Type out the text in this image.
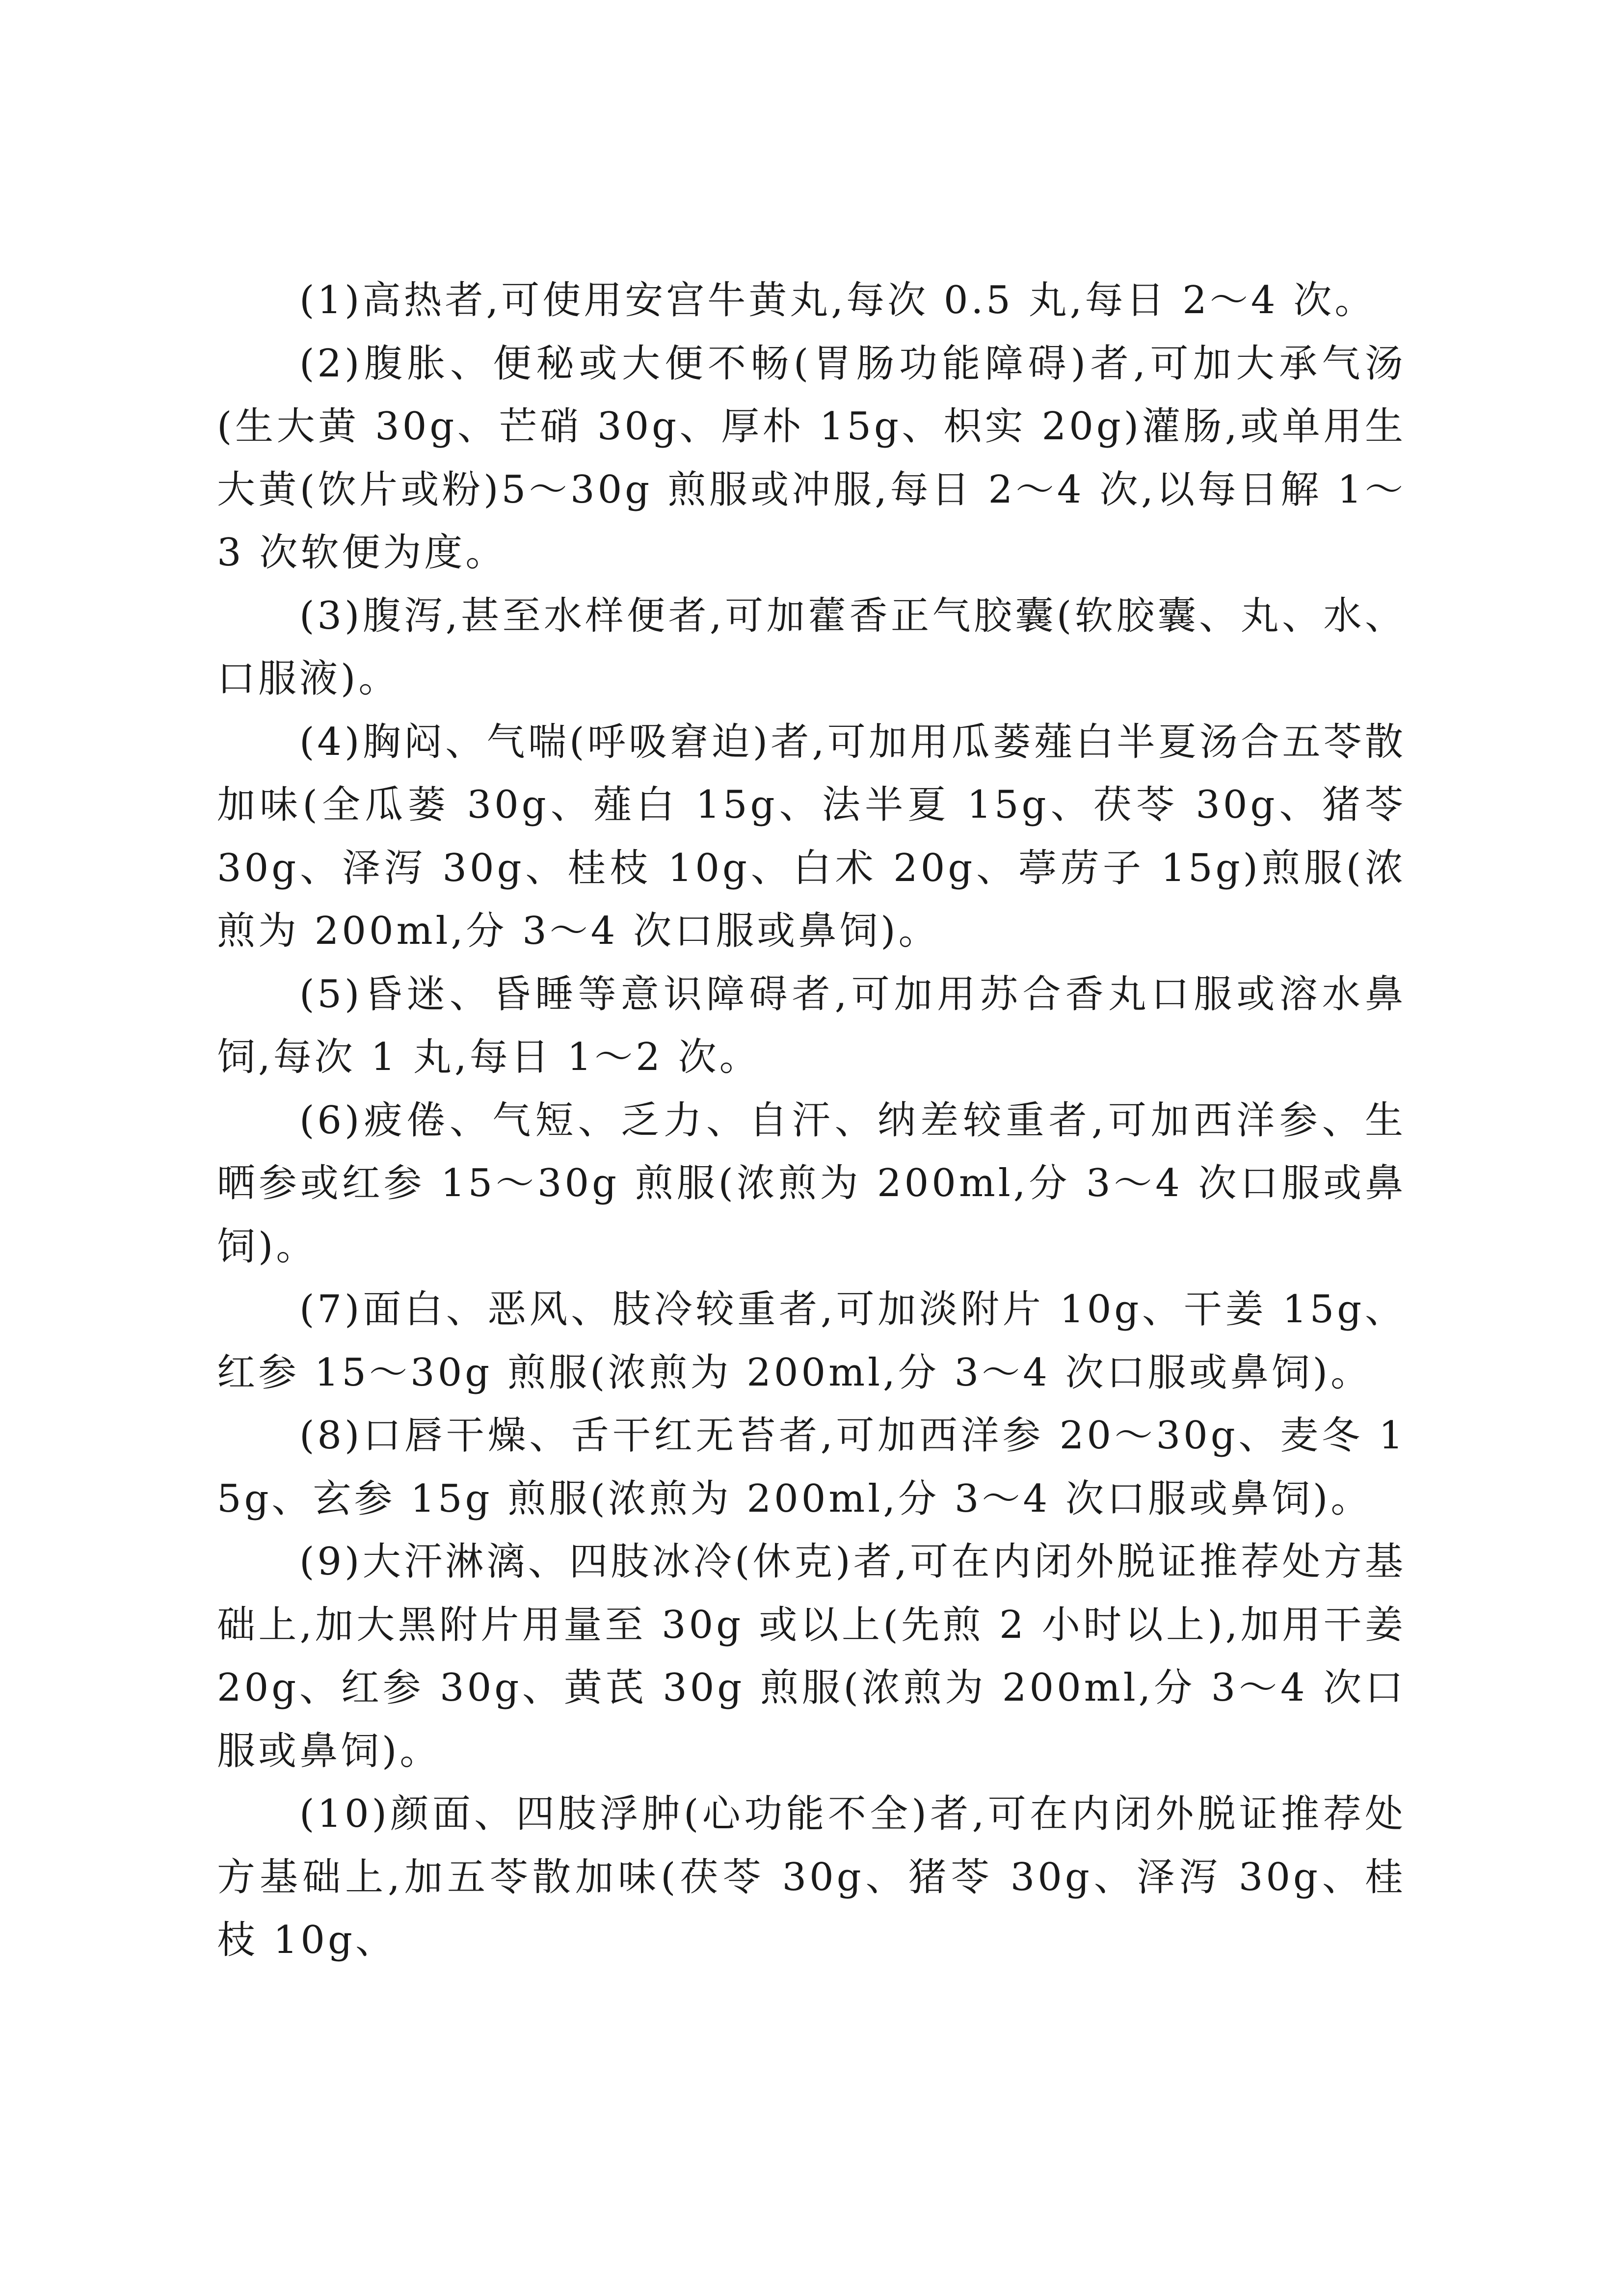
(1)高热者,可使用安宫牛黄丸,每次 0.5 丸,每日 2～4 次。

(2)腹胀、便秘或大便不畅(胃肠功能障碍)者,可加大承气汤(生大黄 30g、芒硝 30g、厚朴 15g、枳实 20g)灌肠,或单用生大黄(饮片或粉)5～30g 煎服或冲服,每日 2～4 次,以每日解 1～3 次软便为度。

(3)腹泻,甚至水样便者,可加藿香正气胶囊(软胶囊、丸、水、口服液)。

(4)胸闷、气喘(呼吸窘迫)者,可加用瓜蒌薤白半夏汤合五苓散加味(全瓜蒌 30g、薤白 15g、法半夏 15g、茯苓 30g、猪苓 30g、泽泻 30g、桂枝 10g、白术 20g、葶苈子 15g)煎服(浓煎为 200ml,分 3～4 次口服或鼻饲)。

(5)昏迷、昏睡等意识障碍者,可加用苏合香丸口服或溶水鼻饲,每次 1 丸,每日 1～2 次。

(6)疲倦、气短、乏力、自汗、纳差较重者,可加西洋参、生晒参或红参 15～30g 煎服(浓煎为 200ml,分 3～4 次口服或鼻饲)。

(7)面白、恶风、肢冷较重者,可加淡附片 10g、干姜 15g、红参 15～30g 煎服(浓煎为 200ml,分 3～4 次口服或鼻饲)。

(8)口唇干燥、舌干红无苔者,可加西洋参 20～30g、麦冬 15g、玄参 15g 煎服(浓煎为 200ml,分 3～4 次口服或鼻饲)。

(9)大汗淋漓、四肢冰冷(休克)者,可在内闭外脱证推荐处方基础上,加大黑附片用量至 30g 或以上(先煎 2 小时以上),加用干姜 20g、红参 30g、黄芪 30g 煎服(浓煎为 200ml,分 3～4 次口服或鼻饲)。

(10)颜面、四肢浮肿(心功能不全)者,可在内闭外脱证推荐处方基础上,加五苓散加味(茯苓 30g、猪苓 30g、泽泻 30g、桂枝 10g、
